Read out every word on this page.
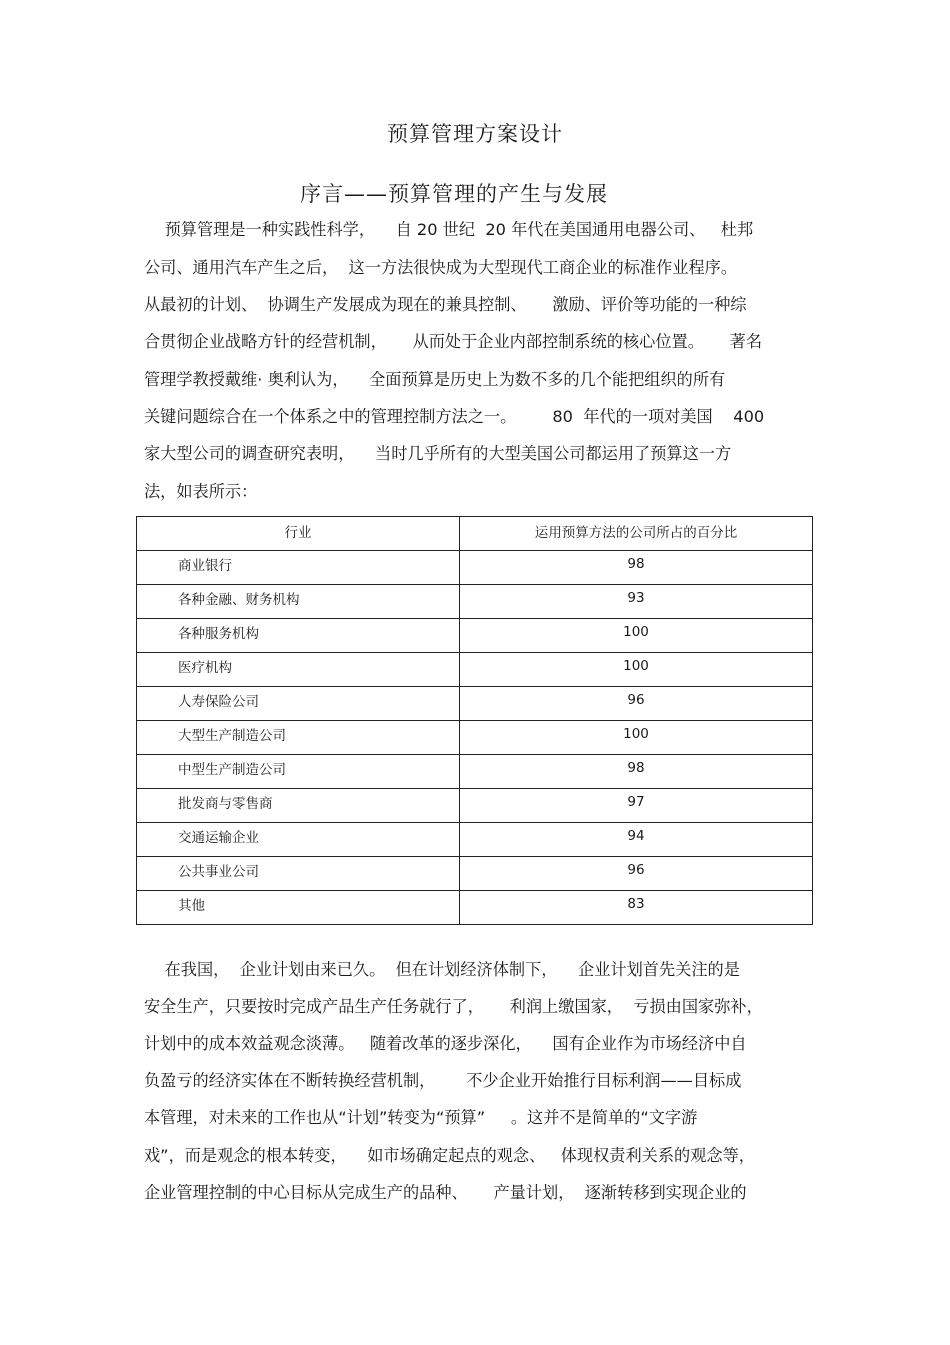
预算管理方案设计
序言——预算管理的产生与发展
预算管理是一种实践性科学，    自 20 世纪  20 年代在美国通用电器公司、   杜邦
公司、通用汽车产生之后，  这一方法很快成为大型现代工商企业的标准作业程序。
从最初的计划、  协调生产发展成为现在的兼具控制、     激励、评价等功能的一种综
合贯彻企业战略方针的经营机制，     从而处于企业内部控制系统的核心位置。     著名
管理学教授戴维· 奥利认为，    全面预算是历史上为数不多的几个能把组织的所有
关键问题综合在一个体系之中的管理控制方法之一。       80  年代的一项对美国    400
家大型公司的调查研究表明，    当时几乎所有的大型美国公司都运用了预算这一方
法，如表所示：
行业	运用预算方法的公司所占的百分比
商业银行	98
各种金融、财务机构	93
各种服务机构	100
医疗机构	100
人寿保险公司	96
大型生产制造公司	100
中型生产制造公司	98
批发商与零售商	97
交通运输企业	94
公共事业公司	96
其他	83
在我国，  企业计划由来已久。  但在计划经济体制下，    企业计划首先关注的是
安全生产，只要按时完成产品生产任务就行了，     利润上缴国家，  亏损由国家弥补，
计划中的成本效益观念淡薄。   随着改革的逐步深化，    国有企业作为市场经济中自
负盈亏的经济实体在不断转换经营机制，      不少企业开始推行目标利润——目标成
本管理，对未来的工作也从“计划”转变为“预算”     。这并不是简单的“文字游
戏”，而是观念的根本转变，    如市场确定起点的观念、   体现权责利关系的观念等，
企业管理控制的中心目标从完成生产的品种、     产量计划，  逐渐转移到实现企业的
